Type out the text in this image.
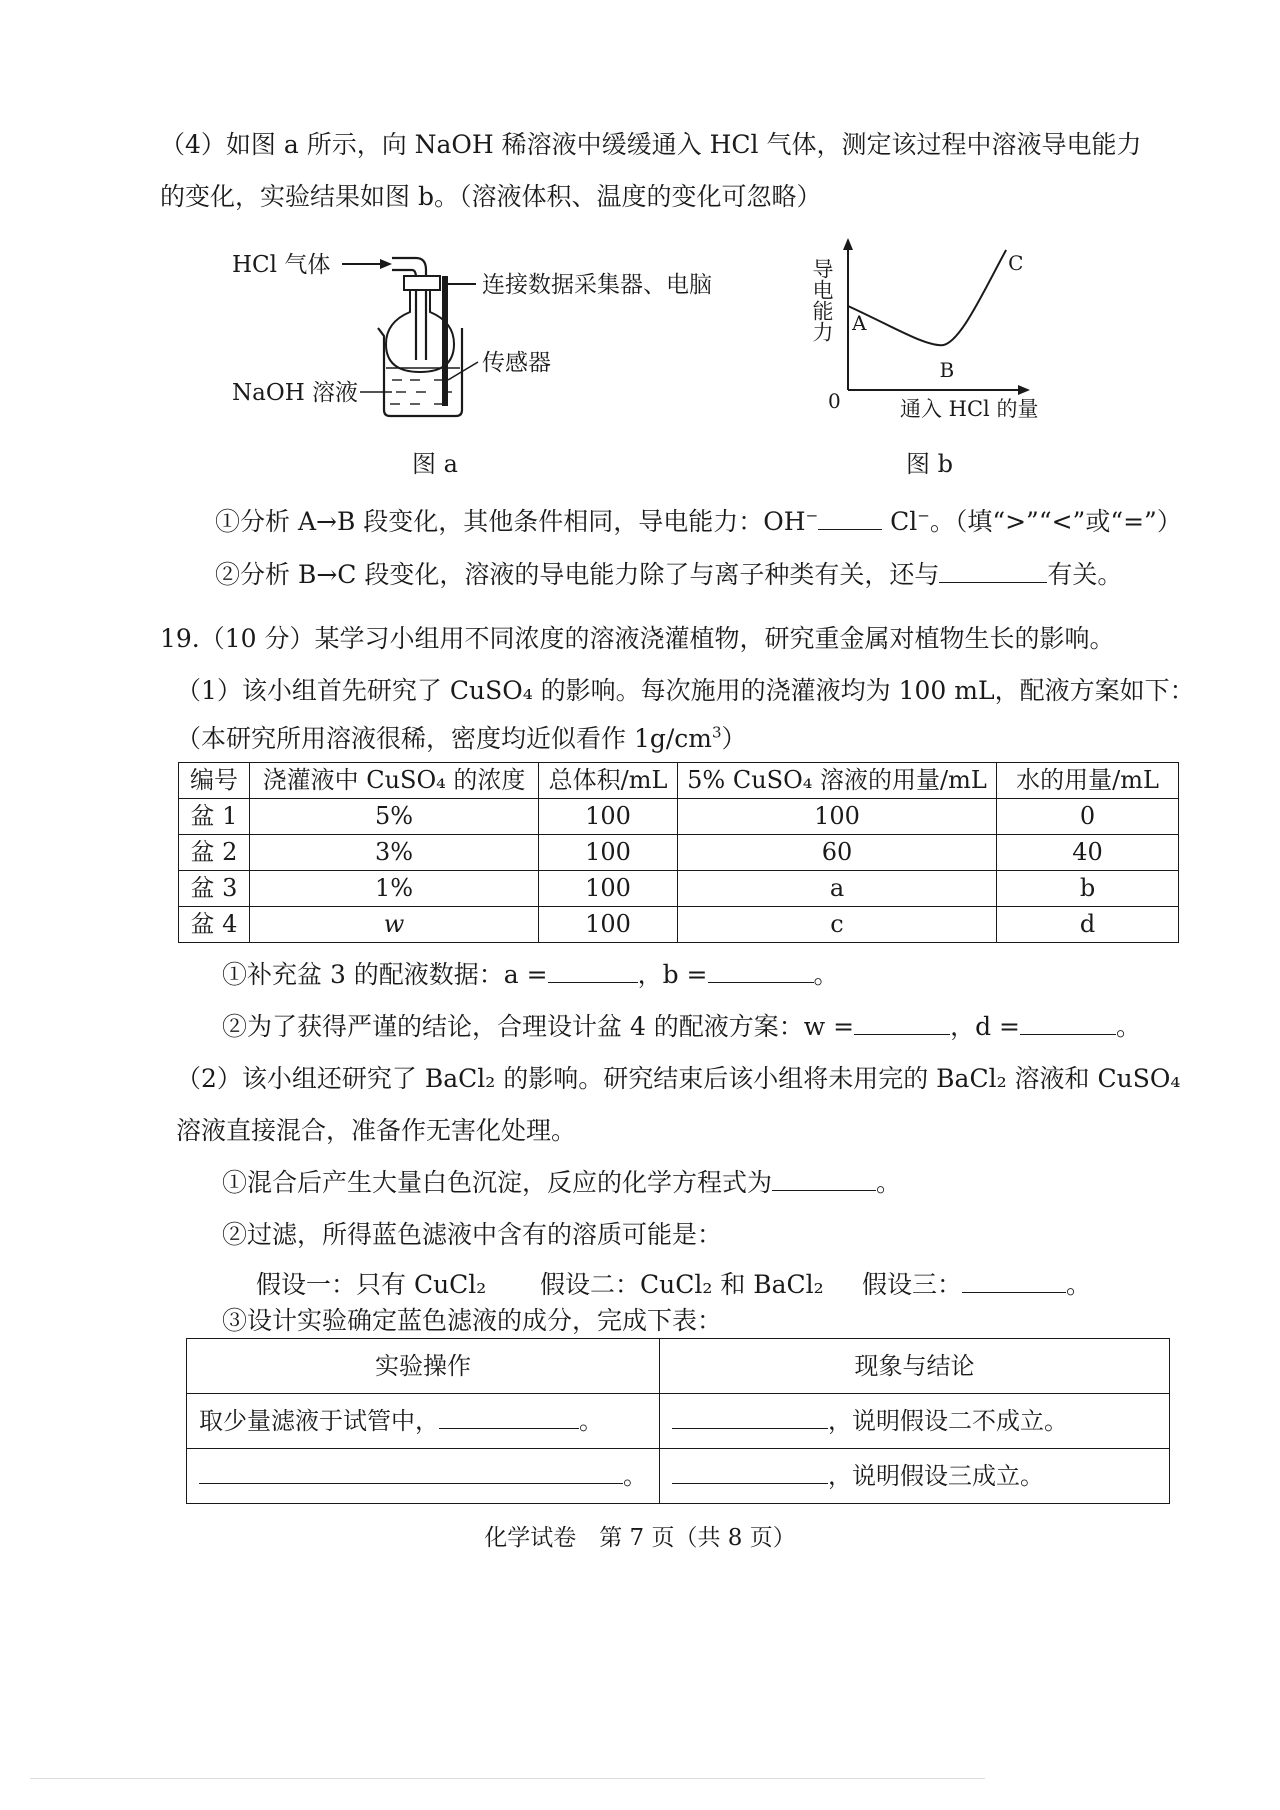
（4）如图 a 所示，向 NaOH 稀溶液中缓缓通入 HCl 气体，测定该过程中溶液导电能力
的变化，实验结果如图 b。（溶液体积、温度的变化可忽略）
HCl 气体
连接数据采集器、电脑
传感器
NaOH 溶液
图 a
导电能力
0	通入 HCl 的量
A
B
C
图 b
①分析 A→B 段变化，其他条件相同，导电能力：OH−	Cl−。（填“>”“<”或“=”）
②分析 B→C 段变化，溶液的导电能力除了与离子种类有关，还与	有关。
19.（10 分）某学习小组用不同浓度的溶液浇灌植物，研究重金属对植物生长的影响。
（1）该小组首先研究了 CuSO₄ 的影响。每次施用的浇灌液均为 100 mL，配液方案如下：
（本研究所用溶液很稀，密度均近似看作 $1g/cm^3$）
编号	浇灌液中 CuSO₄ 的浓度	总体积/mL	5% CuSO₄ 溶液的用量/mL	水的用量/mL
盆 1	5%	100	100	0
盆 2	3%	100	60	40
盆 3	1%	100	a	b
盆 4	w	100	c	d
①补充盆 3 的配液数据：a =	，b =	。
②为了获得严谨的结论，合理设计盆 4 的配液方案：w =	，d =	。
（2）该小组还研究了 BaCl₂ 的影响。研究结束后该小组将未用完的 BaCl₂ 溶液和 CuSO₄
溶液直接混合，准备作无害化处理。
①混合后产生大量白色沉淀，反应的化学方程式为	。
②过滤，所得蓝色滤液中含有的溶质可能是：
假设一：只有 CuCl₂ 假设二：CuCl₂ 和 BaCl₂ 假设三：	。
③设计实验确定蓝色滤液的成分，完成下表：
实验操作	现象与结论
取少量滤液于试管中， 。	，说明假设二不成立。
。	，说明假设三成立。
化学试卷　第 7 页（共 8 页）
